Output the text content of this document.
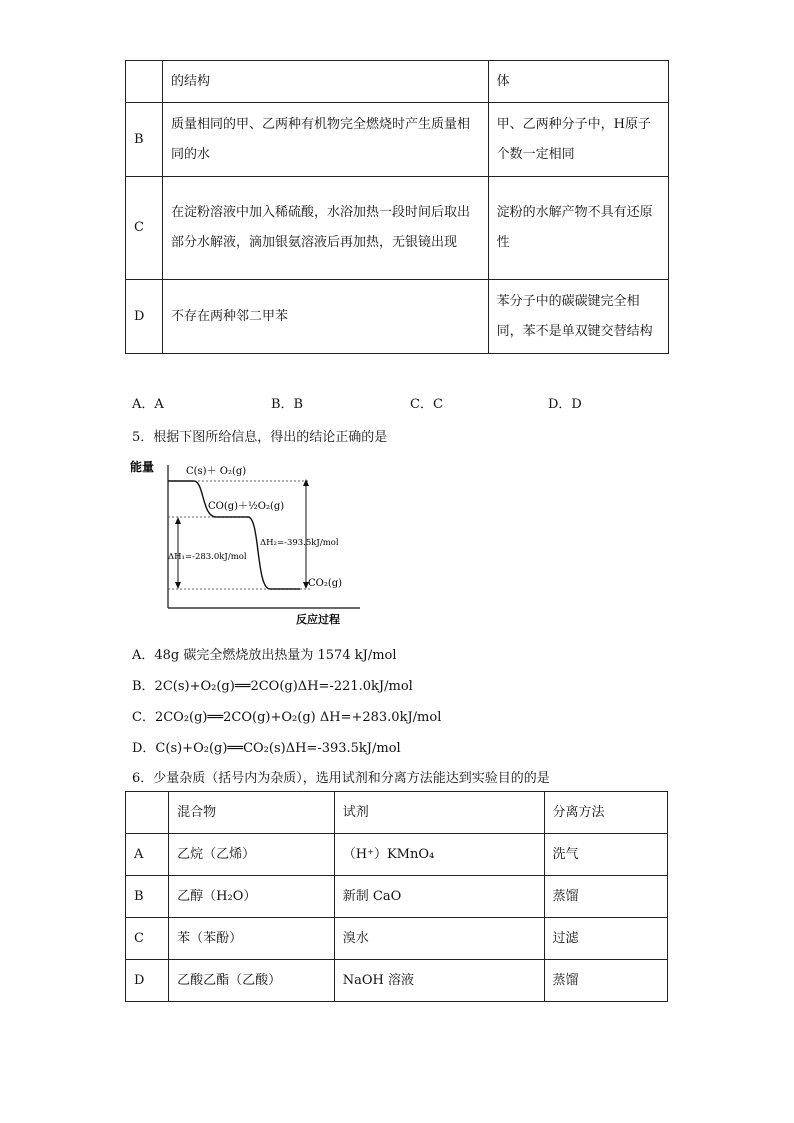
	的结构	体
B	质量相同的甲、乙两种有机物完全燃烧时产生质量相同的水	甲、乙两种分子中，H原子个数一定相同
C	在淀粉溶液中加入稀硫酸，水浴加热一段时间后取出部分水解液，滴加银氨溶液后再加热，无银镜出现	淀粉的水解产物不具有还原性
D	不存在两种邻二甲苯	苯分子中的碳碳键完全相同，苯不是单双键交替结构
A．A	B．B	C．C	D．D
5．根据下图所给信息，得出的结论正确的是
能量
反应过程
C(s)＋ O₂(g)
CO(g)＋½O₂(g)
CO₂(g)
ΔH₁=-283.0kJ/mol
ΔH₂=-393.5kJ/mol
A．48g 碳完全燃烧放出热量为 1574 kJ/mol
B．2C(s)+O₂(g)══2CO(g)ΔH=-221.0kJ/mol
C．2CO₂(g)══2CO(g)+O₂(g) ΔH=+283.0kJ/mol
D．C(s)+O₂(g)══CO₂(s)ΔH=-393.5kJ/mol
6．少量杂质（括号内为杂质），选用试剂和分离方法能达到实验目的的是
	混合物	试剂	分离方法
A	乙烷（乙烯）	（H⁺）KMnO₄	洗气
B	乙醇（H₂O）	新制 CaO	蒸馏
C	苯（苯酚）	溴水	过滤
D	乙酸乙酯（乙酸）	NaOH 溶液	蒸馏
